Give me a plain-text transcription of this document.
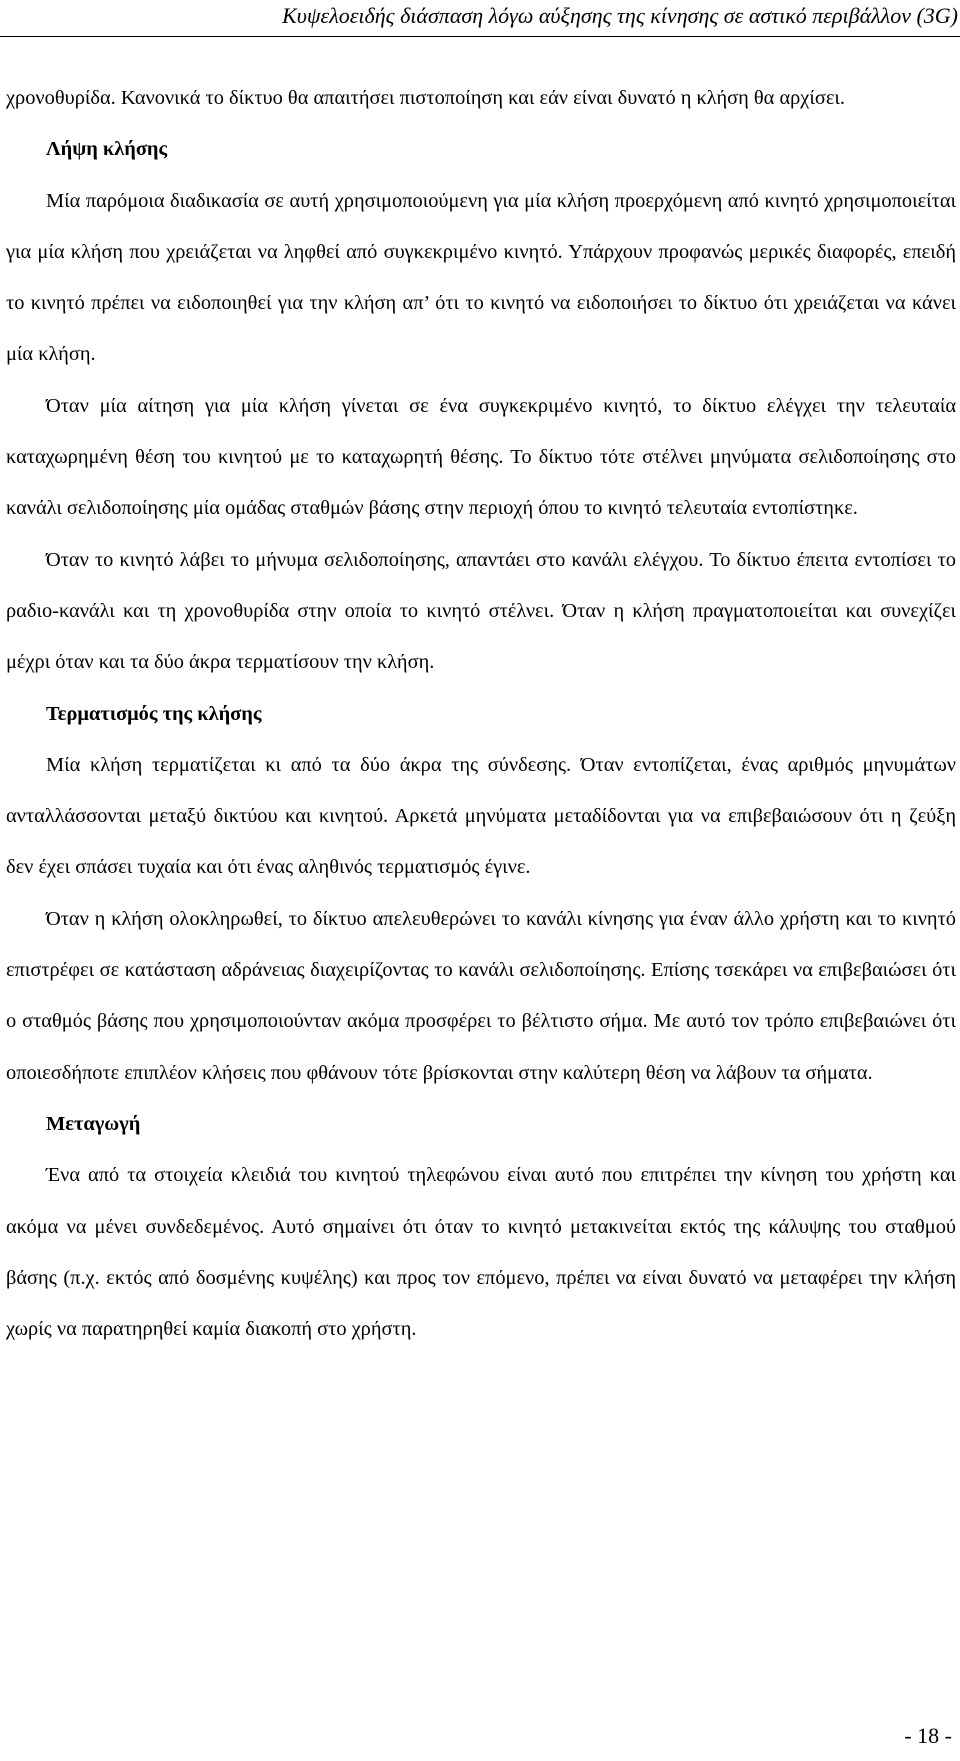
Κυψελοειδής διάσπαση λόγω αύξησης της κίνησης σε αστικό περιβάλλον (3G)

χρονοθυρίδα. Κανονικά το δίκτυο θα απαιτήσει πιστοποίηση και εάν είναι δυνατό η κλήση θα αρχίσει.

Λήψη κλήσης

Μία παρόμοια διαδικασία σε αυτή χρησιμοποιούμενη για μία κλήση προερχόμενη από κινητό χρησιμοποιείται για μία κλήση που χρειάζεται να ληφθεί από συγκεκριμένο κινητό. Υπάρχουν προφανώς μερικές διαφορές, επειδή το κινητό πρέπει να ειδοποιηθεί για την κλήση απ’ ότι το κινητό να ειδοποιήσει το δίκτυο ότι χρειάζεται να κάνει μία κλήση.

Όταν μία αίτηση για μία κλήση γίνεται σε ένα συγκεκριμένο κινητό, το δίκτυο ελέγχει την τελευταία καταχωρημένη θέση του κινητού με το καταχωρητή θέσης. Το δίκτυο τότε στέλνει μηνύματα σελιδοποίησης στο κανάλι σελιδοποίησης μία ομάδας σταθμών βάσης στην περιοχή όπου το κινητό τελευταία εντοπίστηκε.

Όταν το κινητό λάβει το μήνυμα σελιδοποίησης, απαντάει στο κανάλι ελέγχου. Το δίκτυο έπειτα εντοπίσει το ραδιο-κανάλι και τη χρονοθυρίδα στην οποία το κινητό στέλνει. Όταν η κλήση πραγματοποιείται και συνεχίζει μέχρι όταν και τα δύο άκρα τερματίσουν την κλήση.

Τερματισμός της κλήσης

Μία κλήση τερματίζεται κι από τα δύο άκρα της σύνδεσης. Όταν εντοπίζεται, ένας αριθμός μηνυμάτων ανταλλάσσονται μεταξύ δικτύου και κινητού. Αρκετά μηνύματα μεταδίδονται για να επιβεβαιώσουν ότι η ζεύξη δεν έχει σπάσει τυχαία και ότι ένας αληθινός τερματισμός έγινε.

Όταν η κλήση ολοκληρωθεί, το δίκτυο απελευθερώνει το κανάλι κίνησης για έναν άλλο χρήστη και το κινητό επιστρέφει σε κατάσταση αδράνειας διαχειρίζοντας το κανάλι σελιδοποίησης. Επίσης τσεκάρει να επιβεβαιώσει ότι ο σταθμός βάσης που χρησιμοποιούνταν ακόμα προσφέρει το βέλτιστο σήμα. Με αυτό τον τρόπο επιβεβαιώνει ότι οποιεσδήποτε επιπλέον κλήσεις που φθάνουν τότε βρίσκονται στην καλύτερη θέση να λάβουν τα σήματα.

Μεταγωγή

Ένα από τα στοιχεία κλειδιά του κινητού τηλεφώνου είναι αυτό που επιτρέπει την κίνηση του χρήστη και ακόμα να μένει συνδεδεμένος. Αυτό σημαίνει ότι όταν το κινητό μετακινείται εκτός της κάλυψης του σταθμού βάσης (π.χ. εκτός από δοσμένης κυψέλης) και προς τον επόμενο, πρέπει να είναι δυνατό να μεταφέρει την κλήση χωρίς να παρατηρηθεί καμία διακοπή στο χρήστη.

- 18 -
